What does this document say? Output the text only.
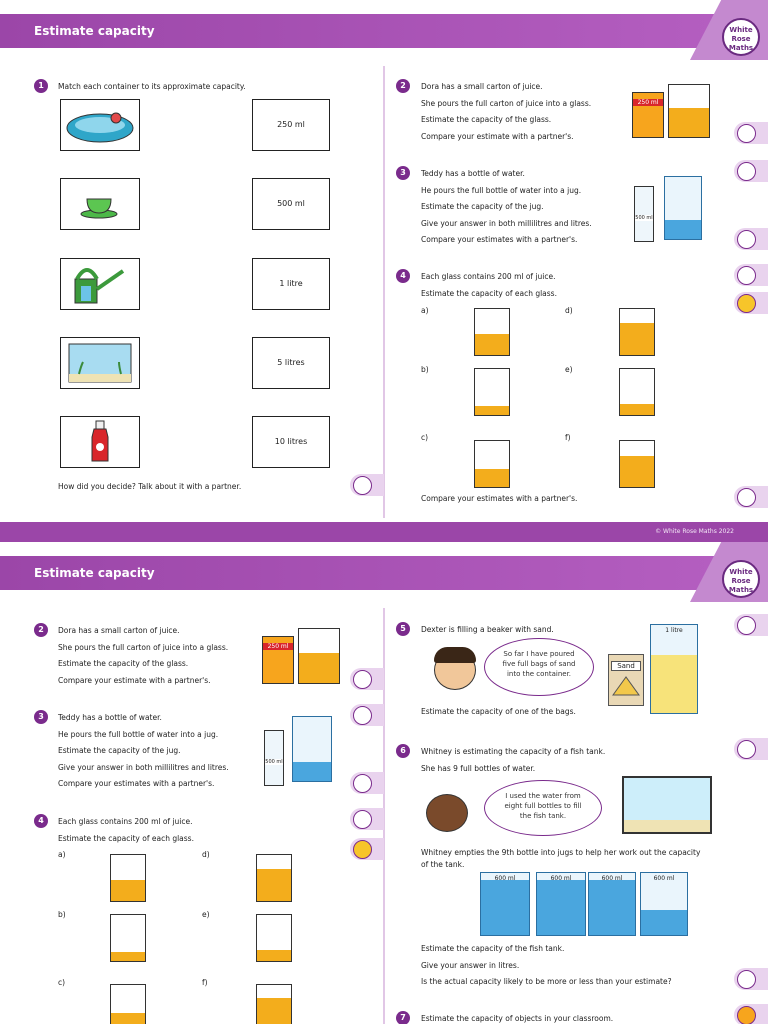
Estimate capacity	White
Rose
Maths
1	Match each container to its approximate capacity.
250 ml
500 ml
1 litre
5 litres
10 litres
How did you decide? Talk about it with a partner.
2	Dora has a small carton of juice.
She pours the full carton of juice into a glass.
Estimate the capacity of the glass.
Compare your estimate with a partner's.
250 ml
3	Teddy has a bottle of water.
He pours the full bottle of water into a jug.
Estimate the capacity of the jug.
Give your answer in both millilitres and litres.
Compare your estimates with a partner's.
500 ml
4	Each glass contains 200 ml of juice.
Estimate the capacity of each glass.
a)	d)
b)	e)
c)	f)
Compare your estimates with a partner's.
© White Rose Maths 2022
Estimate capacity	White
Rose
Maths
2	Dora has a small carton of juice.
She pours the full carton of juice into a glass.
Estimate the capacity of the glass.
Compare your estimate with a partner's.
250 ml
3	Teddy has a bottle of water.
He pours the full bottle of water into a jug.
Estimate the capacity of the jug.
Give your answer in both millilitres and litres.
Compare your estimates with a partner's.
500 ml
4	Each glass contains 200 ml of juice.
Estimate the capacity of each glass.
a)	d)
b)	e)
c)	f)
5	Dexter is filling a beaker with sand.
So far I have poured five full bags of sand into the container.
Sand
1 litre
Estimate the capacity of one of the bags.
6	Whitney is estimating the capacity of a fish tank.
She has 9 full bottles of water.
I used the water from eight full bottles to fill the fish tank.
Whitney empties the 9th bottle into jugs to help her work out the capacity
of the tank.
600 ml	600 ml	600 ml	600 ml
Estimate the capacity of the fish tank.
Give your answer in litres.
Is the actual capacity likely to be more or less than your estimate?
7	Estimate the capacity of objects in your classroom.
